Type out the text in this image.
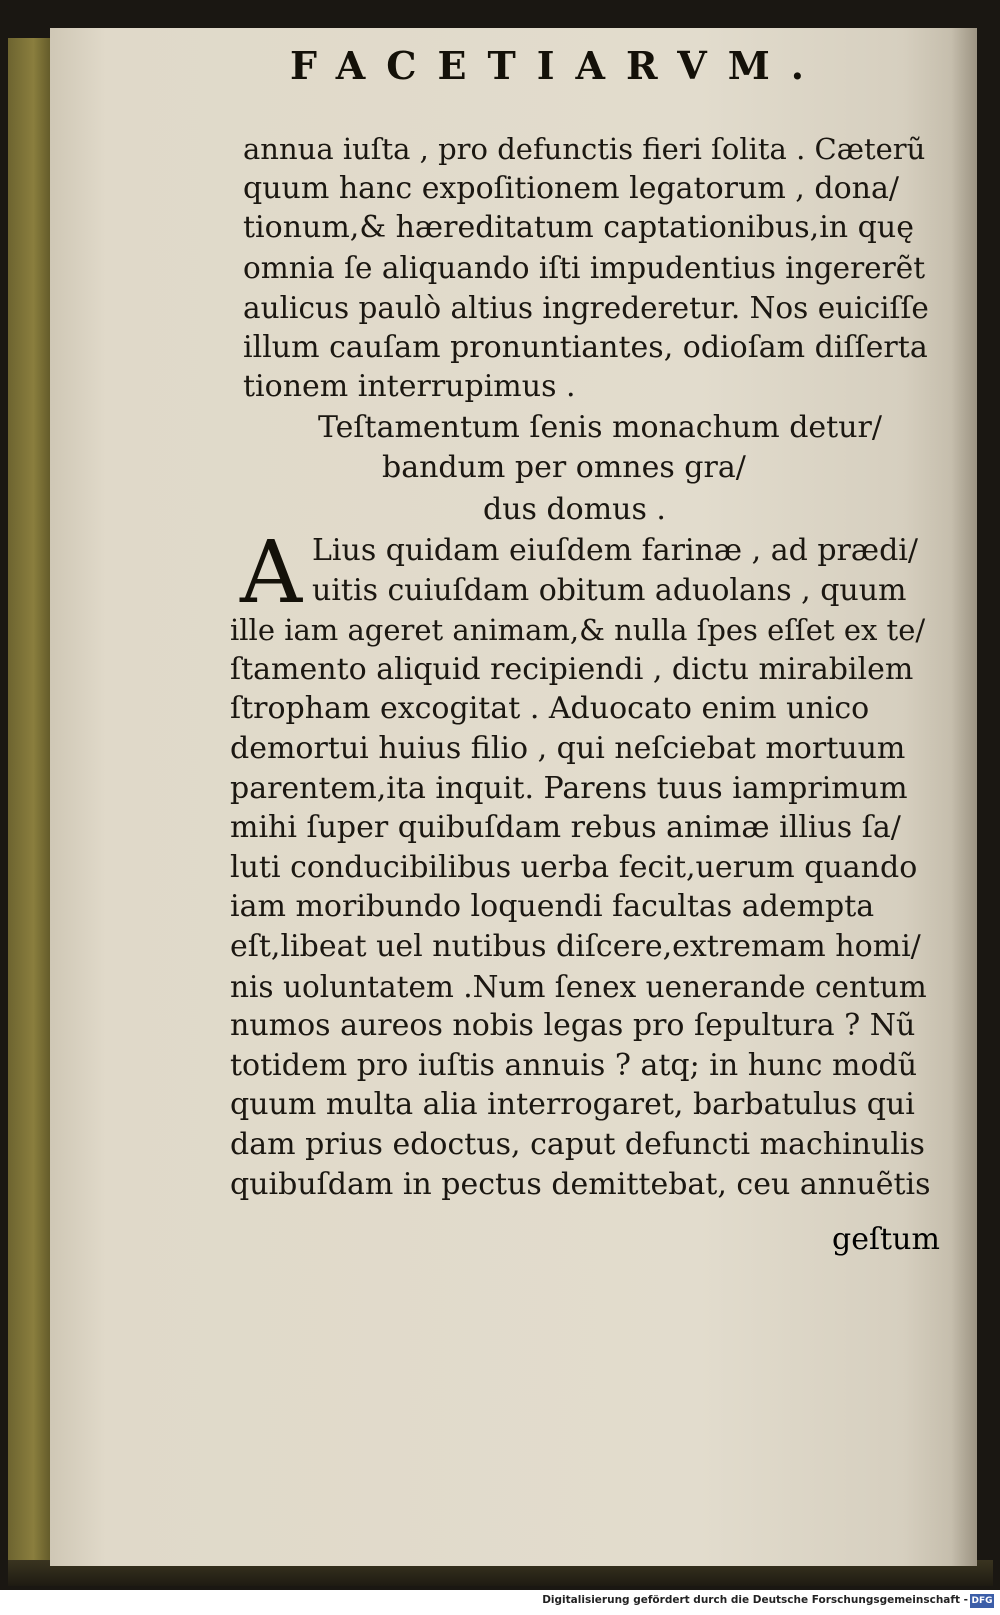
FACETIARVM.
annua iuſta , pro defunctis fieri ſolita . Cæterũ
quum hanc expoſitionem legatorum , dona/
tionum,& hæreditatum captationibus,in quę
omnia ſe aliquando iſti impudentius ingererẽt
aulicus paulò altius ingrederetur. Nos euiciſſe
illum cauſam pronuntiantes, odioſam diſſerta
tionem interrupimus .
Teſtamentum ſenis monachum detur/
bandum per omnes gra/
dus domus .
A Lius quidam eiuſdem farinæ , ad prædi/
uitis cuiuſdam obitum aduolans , quum
ille iam ageret animam,& nulla ſpes eſſet ex te/
ſtamento aliquid recipiendi , dictu mirabilem
ſtropham excogitat . Aduocato enim unico
demortui huius filio , qui neſciebat mortuum
parentem,ita inquit. Parens tuus iamprimum
mihi ſuper quibuſdam rebus animæ illius ſa/
luti conducibilibus uerba fecit,uerum quando
iam moribundo loquendi facultas adempta
eſt,libeat uel nutibus diſcere,extremam homi/
nis uoluntatem .Num ſenex uenerande centum
numos aureos nobis legas pro ſepultura ? Nũ
totidem pro iuſtis annuis ? atq; in hunc modũ
quum multa alia interrogaret, barbatulus qui
dam prius edoctus, caput defuncti machinulis
quibuſdam in pectus demittebat, ceu annuẽtis
geſtum
Digitalisierung gefördert durch die Deutsche Forschungsgemeinschaft - DFG
